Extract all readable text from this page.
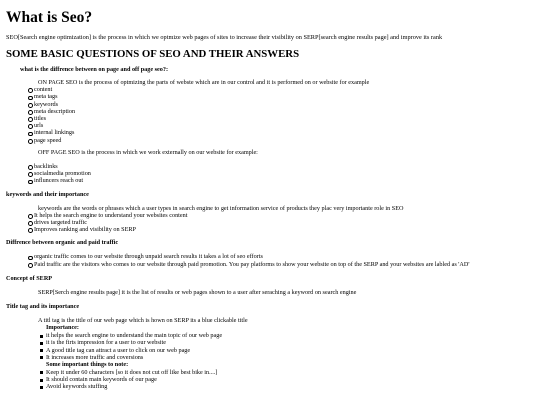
What is Seo?

SEO[Search engine optimization] is the process in which we optmize web pages of sites to increase their visibility on SERP[search engine results page] and improve its rank

SOME BASIC QUESTIONS OF SEO AND THEIR ANSWERS
what is the diffrence between on page and off page seo?:

ON PAGE SEO is the process of optmizing the parts of webste which are in our control and it is performed on or website for example

content
meta tags
keywords
meta description
titles
urls
internal linkings
page speed

OFF PAGE SEO is the process in which we work externally on our website for example:

backlinks
socialmedia promotion
influncers reach out
keywords and their importance

keywords are the words or phrases which a user types in search engine to get information service of products they plac very importante role in SEO

It helps the search engine to understand your websites content
drives targeted traffic
Improves ranking and visibility on SERP
Diffrence between organic and paid traffic
organic traffic comes to our website through unpaid search results it takes a lot of seo efforts
Paid traffic are the visitors who comes to our website through paid promotion. You pay platforms to show your website on top of the SERP and your websites are labled as 'AD'
Concept of SERP

SERP[Serch engine results page] it is the list of results or web pages shown to a user after seraching a keyword on search engine

Title tag and its importance
A titl tag is the title of our web page which is hown on SERP its a blue clickable title
Importance:
it helps the search engine to understand the main topic of our web page
it is the firts impression for a user to our website
A good title tag can attract a user to click on our web page
It increases more traffic and coversions
Some important things to note:
Keep it under 60 characters [so it does not cut off like best bike in....]
It should contain main keywords of our page
Avoid keywords stuffing
